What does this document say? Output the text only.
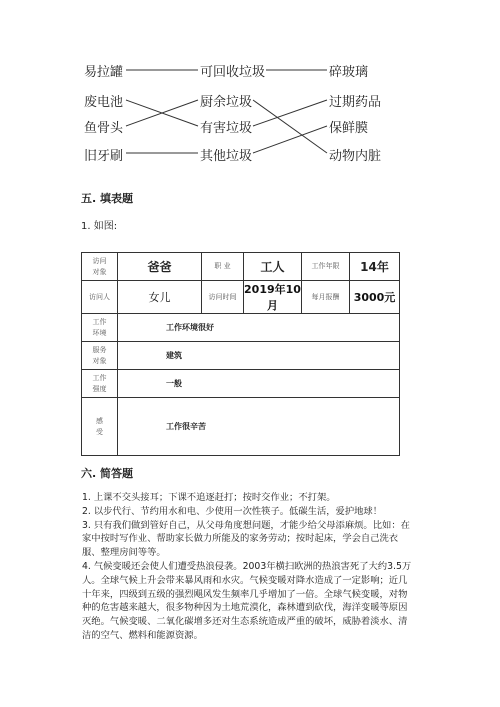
易拉罐
废电池
鱼骨头
旧牙刷
可回收垃圾
厨余垃圾
有害垃圾
其他垃圾
碎玻璃
过期药品
保鲜膜
动物内脏
五. 填表题
1. 如图:
访问
对象	爸爸	职 业	工人	工作年限	14年
访问人	女儿	访问时间	2019年10月	每月报酬	3000元
工作
环境	工作环境很好				
服务
对象	建筑				
工作
强度	一般				
感
受	工作很辛苦				
六. 简答题

1. 上课不交头接耳；下课不追逐赶打；按时交作业；不打架。

2. 以步代行、节约用水和电、少使用一次性筷子。低碳生活，爱护地球！

3. 只有我们做到管好自己，从父母角度想问题，才能少给父母添麻烦。比如：在家中按时写作业、帮助家长做力所能及的家务劳动；按时起床，学会自己洗衣服、整理房间等等。

4. 气候变暖还会使人们遭受热浪侵袭。2003年横扫欧洲的热浪害死了大约3.5万人。全球气候上升会带来暴风雨和水灾。气候变暖对降水造成了一定影响；近几十年来，四级到五级的强烈飓风发生频率几乎增加了一倍。全球气候变暖，对物种的危害越来越大，很多物种因为土地荒漠化，森林遭到砍伐，海洋变暖等原因灭绝。气候变暖、二氧化碳增多还对生态系统造成严重的破坏，威胁着淡水、清洁的空气、燃料和能源资源。
